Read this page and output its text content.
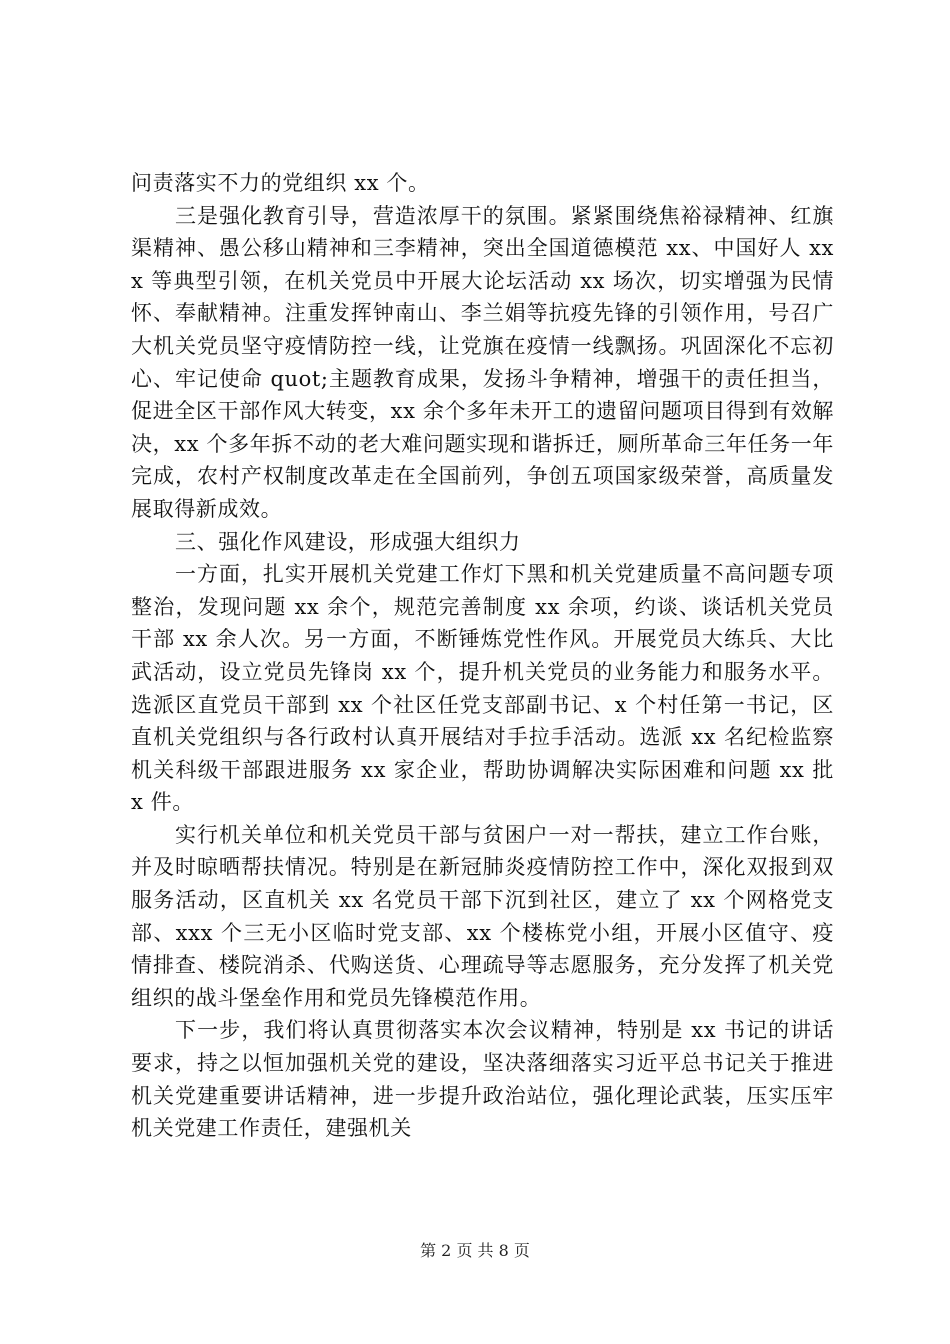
问责落实不力的党组织 xx 个。

三是强化教育引导，营造浓厚干的氛围。紧紧围绕焦裕禄精神、红旗渠精神、愚公移山精神和三李精神，突出全国道德模范 xx、中国好人 xxx 等典型引领，在机关党员中开展大论坛活动 xx 场次，切实增强为民情怀、奉献精神。注重发挥钟南山、李兰娟等抗疫先锋的引领作用，号召广大机关党员坚守疫情防控一线，让党旗在疫情一线飘扬。巩固深化不忘初心、牢记使命 quot;主题教育成果，发扬斗争精神，增强干的责任担当，促进全区干部作风大转变，xx 余个多年未开工的遗留问题项目得到有效解决，xx 个多年拆不动的老大难问题实现和谐拆迁，厕所革命三年任务一年完成，农村产权制度改革走在全国前列，争创五项国家级荣誉，高质量发展取得新成效。

三、强化作风建设，形成强大组织力

一方面，扎实开展机关党建工作灯下黑和机关党建质量不高问题专项整治，发现问题 xx 余个，规范完善制度 xx 余项，约谈、谈话机关党员干部 xx 余人次。另一方面，不断锤炼党性作风。开展党员大练兵、大比武活动，设立党员先锋岗 xx 个，提升机关党员的业务能力和服务水平。选派区直党员干部到 xx 个社区任党支部副书记、x 个村任第一书记，区直机关党组织与各行政村认真开展结对手拉手活动。选派 xx 名纪检监察机关科级干部跟进服务 xx 家企业，帮助协调解决实际困难和问题 xx 批 x 件。

实行机关单位和机关党员干部与贫困户一对一帮扶，建立工作台账，并及时晾晒帮扶情况。特别是在新冠肺炎疫情防控工作中，深化双报到双服务活动，区直机关 xx 名党员干部下沉到社区，建立了 xx 个网格党支部、xxx 个三无小区临时党支部、xx 个楼栋党小组，开展小区值守、疫情排查、楼院消杀、代购送货、心理疏导等志愿服务，充分发挥了机关党组织的战斗堡垒作用和党员先锋模范作用。

下一步，我们将认真贯彻落实本次会议精神，特别是 xx 书记的讲话要求，持之以恒加强机关党的建设，坚决落细落实习近平总书记关于推进机关党建重要讲话精神，进一步提升政治站位，强化理论武装，压实压牢机关党建工作责任，建强机关

第 2 页 共 8 页
